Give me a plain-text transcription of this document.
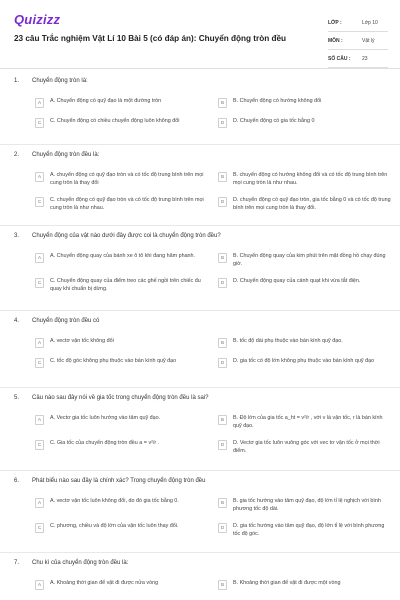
Quizizz
23 câu Trắc nghiệm Vật Lí 10 Bài 5 (có đáp án): Chuyển động tròn đều
LỚP :	Lớp 10
MÔN :	Vật lý
SỐ CÂU :	23
1.	Chuyển động tròn là:
A	A. Chuyển động có quỹ đạo là một đường tròn	B	B. Chuyển động có hướng không đổi
C	C. Chuyển động có chiều chuyển động luôn không đổi	D	D. Chuyển động có gia tốc bằng 0
2.	Chuyển động tròn đều là:
A	A. chuyển động có quỹ đạo tròn và có tốc độ trung bình trên mọi cung tròn là thay đổi
B	B. chuyển động có hướng không đổi và có tốc độ trung bình trên mọi cung tròn là như nhau.
C	C. chuyển động có quỹ đạo tròn và có tốc độ trung bình trên mọi cung tròn là như nhau.
D	D. chuyển động có quỹ đạo tròn, gia tốc bằng 0 và có tốc độ trung bình trên mọi cung tròn là thay đổi.
3.	Chuyển động của vật nào dưới đây được coi là chuyển động tròn đều?
A	A. Chuyển động quay của bánh xe ô tô khi đang hãm phanh.	B	B. Chuyển động quay của kim phút trên mặt đồng hồ chạy đúng giờ.
C	C. Chuyển động quay của điểm treo các ghế ngồi trên chiếc đu quay khi chuẩn bị dừng.
D	D. Chuyển động quay của cánh quạt khi vừa tắt điện.
4.	Chuyển động tròn đều có
A	A. vectơ vận tốc không đổi	B	B. tốc độ dài phụ thuộc vào bán kính quỹ đạo.
C	C. tốc độ góc không phụ thuộc vào bán kính quỹ đạo	D	D. gia tốc có độ lớn không phụ thuộc vào bán kính quỹ đạo
5.	Câu nào sau đây nói về gia tốc trong chuyển động tròn đều là sai?
A	A. Vectơ gia tốc luôn hướng vào tâm quỹ đạo.	B	B. Độ lớn của gia tốc a_ht = v²/r , với v là vận tốc, r là bán kính quỹ đạo.
C	C. Gia tốc của chuyển động tròn đều a = v²/r .	D	D. Vectơ gia tốc luôn vuông góc với vec tơ vận tốc ở mọi thời điểm.
6.	Phát biểu nào sau đây là chính xác? Trong chuyển động tròn đều
A	A. vectơ vận tốc luôn không đổi, do đó gia tốc bằng 0.	B	B. gia tốc hướng vào tâm quỹ đạo, độ lớn tỉ lệ nghịch với bình phương tốc độ dài.
C	C. phương, chiều và độ lớn của vận tốc luôn thay đổi.	D	D. gia tốc hướng vào tâm quỹ đạo, độ lớn tỉ lệ với bình phương tốc độ góc.
7.	Chu kì của chuyển động tròn đều là:
A	A. Khoảng thời gian để vật đi được nửa vòng	B	B. Khoảng thời gian để vật đi được một vòng
